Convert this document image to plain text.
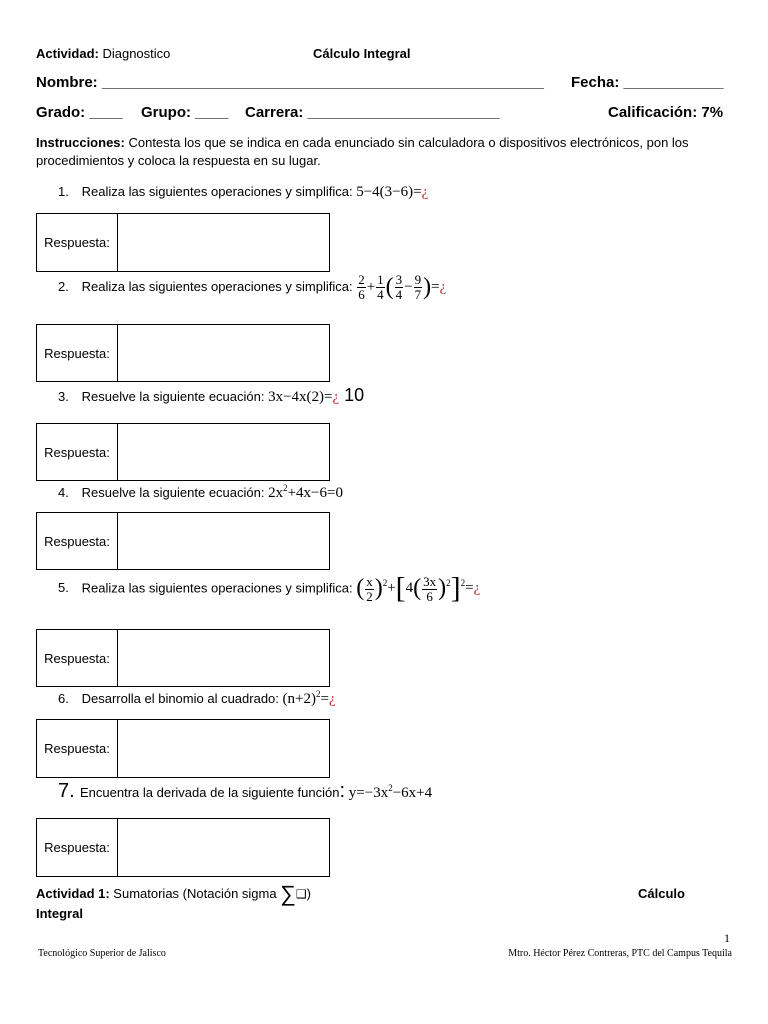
Actividad: Diagnostico	Cálculo Integral
Nombre: _____________________________________________________ Fecha: ____________
Grado: ____ Grupo: ____ Carrera: _______________________	Calificación: 7%
Instrucciones: Contesta los que se indica en cada enunciado sin calculadora o dispositivos electrónicos, pon los
procedimientos y coloca la respuesta en su lugar.
1. Realiza las siguientes operaciones y simplifica: 5−4(3−6)=¿
Respuesta:
2. Realiza las siguientes operaciones y simplifica: $\frac{2}{6} + \frac{1}{4}$ ( $\frac{3}{4} - \frac{9}{7}$ )=¿
Respuesta:
3. Resuelve la siguiente ecuación: 3x−4x(2)=¿ 10
Respuesta:
4. Resuelve la siguiente ecuación: $2x^2+4x-6=0$
Respuesta:
5. Realiza las siguientes operaciones y simplifica: ( $\frac{x}{2} )^2+[4( \frac{3x}{6}$ )$^2]^2=¿$
Respuesta:
6. Desarrolla el binomio al cuadrado: $(n+2)^2=¿$
Respuesta:
7. Encuentra la derivada de la siguiente función: $y=-3x^2-6x+4$
Respuesta:
Actividad 1: Sumatorias (Notación sigma ∑❑)	Cálculo
Integral
1
Tecnológico Superior de Jalisco	Mtro. Héctor Pérez Contreras, PTC del Campus Tequila
